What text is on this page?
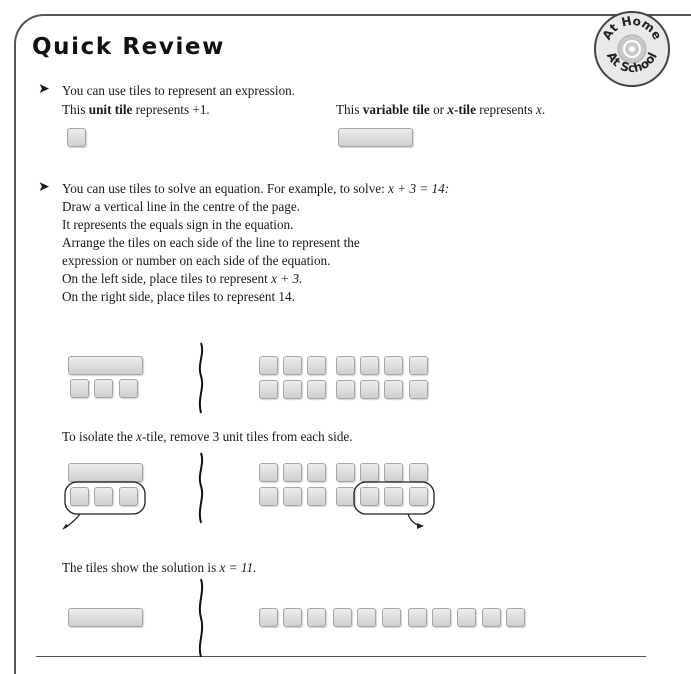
Quick Review	At Home
At School
➤ You can use tiles to represent an expression.

This unit tile represents +1.	This variable tile or x-tile represents x.

➤ You can use tiles to solve an equation. For example, to solve: x + 3 = 14:

Draw a vertical line in the centre of the page.

It represents the equals sign in the equation.

Arrange the tiles on each side of the line to represent the

expression or number on each side of the equation.

On the left side, place tiles to represent x + 3.

On the right side, place tiles to represent 14.

To isolate the x-tile, remove 3 unit tiles from each side.

The tiles show the solution is x = 11.
